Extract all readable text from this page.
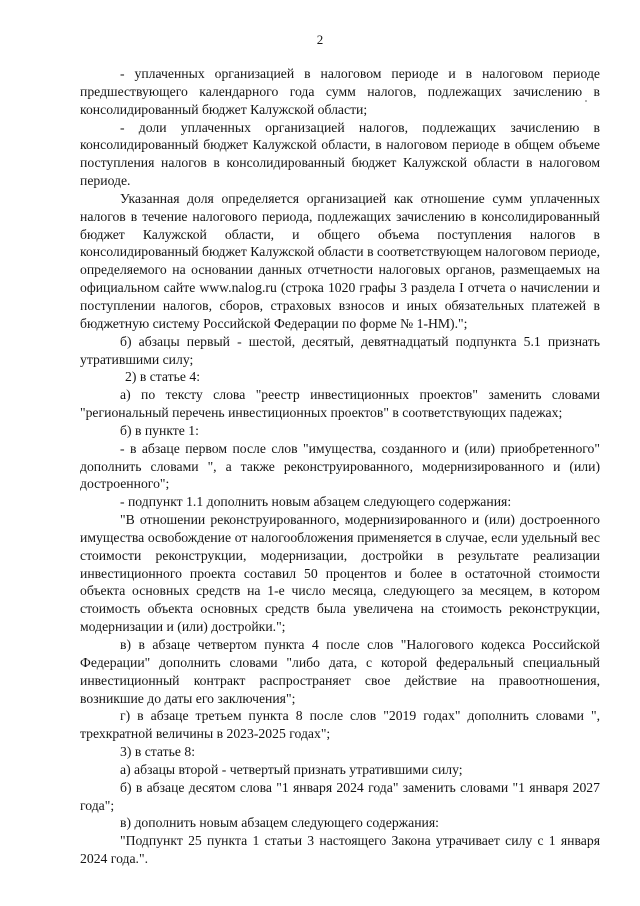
2

- уплаченных организацией в налоговом периоде и в налоговом периоде предшествующего календарного года сумм налогов, подлежащих зачислению в консолидированный бюджет Калужской области;

- доли уплаченных организацией налогов, подлежащих зачислению в консолидированный бюджет Калужской области, в налоговом периоде в общем объеме поступления налогов в консолидированный бюджет Калужской области в налоговом периоде.

Указанная доля определяется организацией как отношение сумм уплаченных налогов в течение налогового периода, подлежащих зачислению в консолидированный бюджет Калужской области, и общего объема поступления налогов в консолидированный бюджет Калужской области в соответствующем налоговом периоде, определяемого на основании данных отчетности налоговых органов, размещаемых на официальном сайте www.nalog.ru (строка 1020 графы 3 раздела I отчета о начислении и поступлении налогов, сборов, страховых взносов и иных обязательных платежей в бюджетную систему Российской Федерации по форме № 1-НМ).";

б) абзацы первый - шестой, десятый, девятнадцатый подпункта 5.1 признать утратившими силу;

2) в статье 4:

а) по тексту слова "реестр инвестиционных проектов" заменить словами "региональный перечень инвестиционных проектов" в соответствующих падежах;

б) в пункте 1:

- в абзаце первом после слов "имущества, созданного и (или) приобретенного" дополнить словами ", а также реконструированного, модернизированного и (или) достроенного";

- подпункт 1.1 дополнить новым абзацем следующего содержания:

"В отношении реконструированного, модернизированного и (или) достроенного имущества освобождение от налогообложения применяется в случае, если удельный вес стоимости реконструкции, модернизации, достройки в результате реализации инвестиционного проекта составил 50 процентов и более в остаточной стоимости объекта основных средств на 1-е число месяца, следующего за месяцем, в котором стоимость объекта основных средств была увеличена на стоимость реконструкции, модернизации и (или) достройки.";

в) в абзаце четвертом пункта 4 после слов "Налогового кодекса Российской Федерации" дополнить словами "либо дата, с которой федеральный специальный инвестиционный контракт распространяет свое действие на правоотношения, возникшие до даты его заключения";

г) в абзаце третьем пункта 8 после слов "2019 годах" дополнить словами ", трехкратной величины в 2023-2025 годах";

3) в статье 8:

а) абзацы второй - четвертый признать утратившими силу;

б) в абзаце десятом слова "1 января 2024 года" заменить словами "1 января 2027 года";

в) дополнить новым абзацем следующего содержания:

"Подпункт 25 пункта 1 статьи 3 настоящего Закона утрачивает силу с 1 января 2024 года.".
